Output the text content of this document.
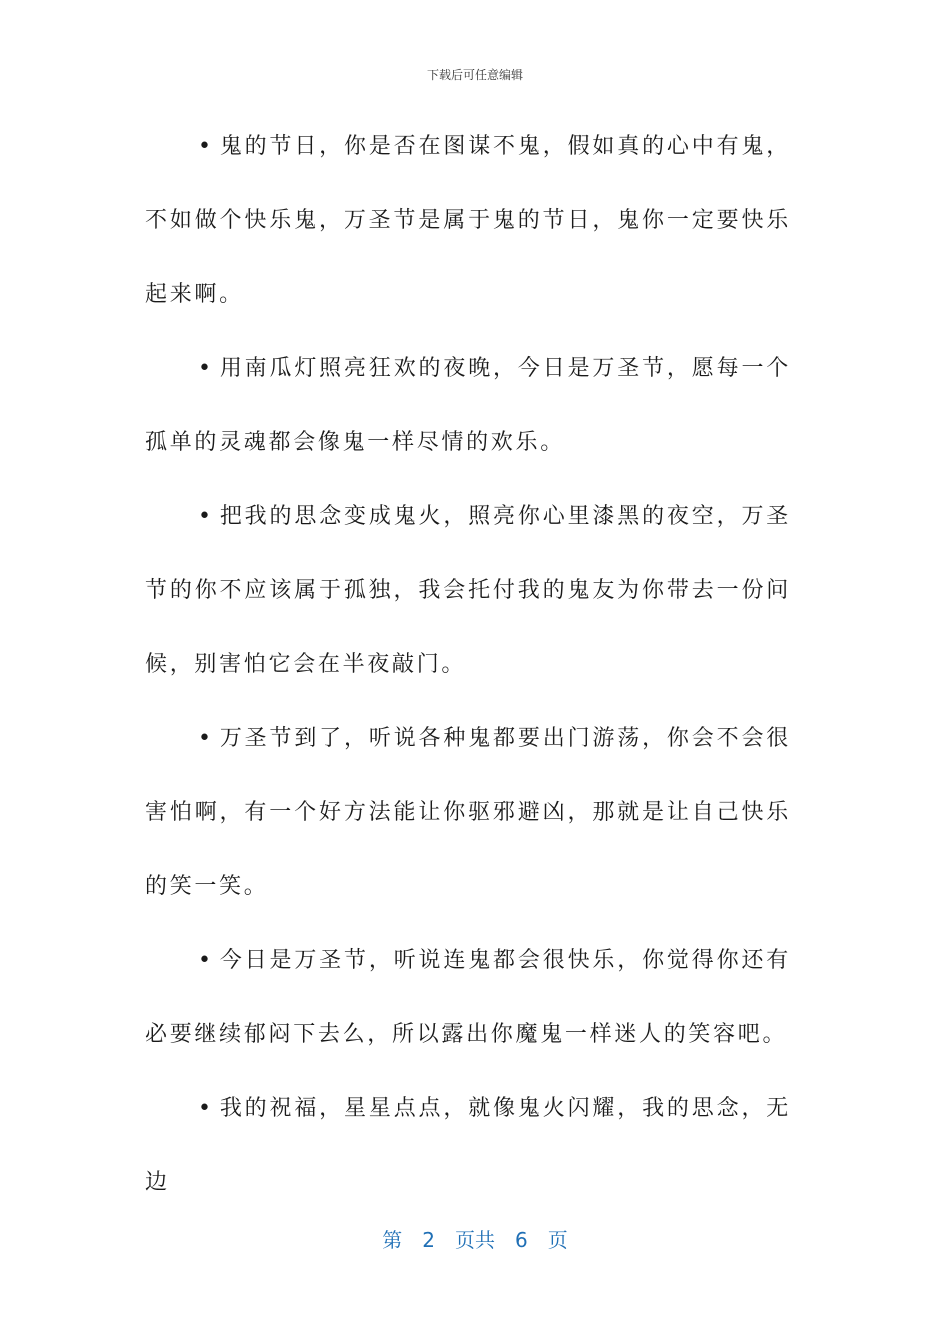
下载后可任意编辑

• 鬼的节日，你是否在图谋不鬼，假如真的心中有鬼，不如做个快乐鬼，万圣节是属于鬼的节日，鬼你一定要快乐起来啊。

• 用南瓜灯照亮狂欢的夜晚，今日是万圣节，愿每一个孤单的灵魂都会像鬼一样尽情的欢乐。

• 把我的思念变成鬼火，照亮你心里漆黑的夜空，万圣节的你不应该属于孤独，我会托付我的鬼友为你带去一份问候，别害怕它会在半夜敲门。

• 万圣节到了，听说各种鬼都要出门游荡，你会不会很害怕啊，有一个好方法能让你驱邪避凶，那就是让自己快乐的笑一笑。

• 今日是万圣节，听说连鬼都会很快乐，你觉得你还有必要继续郁闷下去么，所以露出你魔鬼一样迷人的笑容吧。

• 我的祝福，星星点点，就像鬼火闪耀，我的思念，无边

第 2 页共 6 页
